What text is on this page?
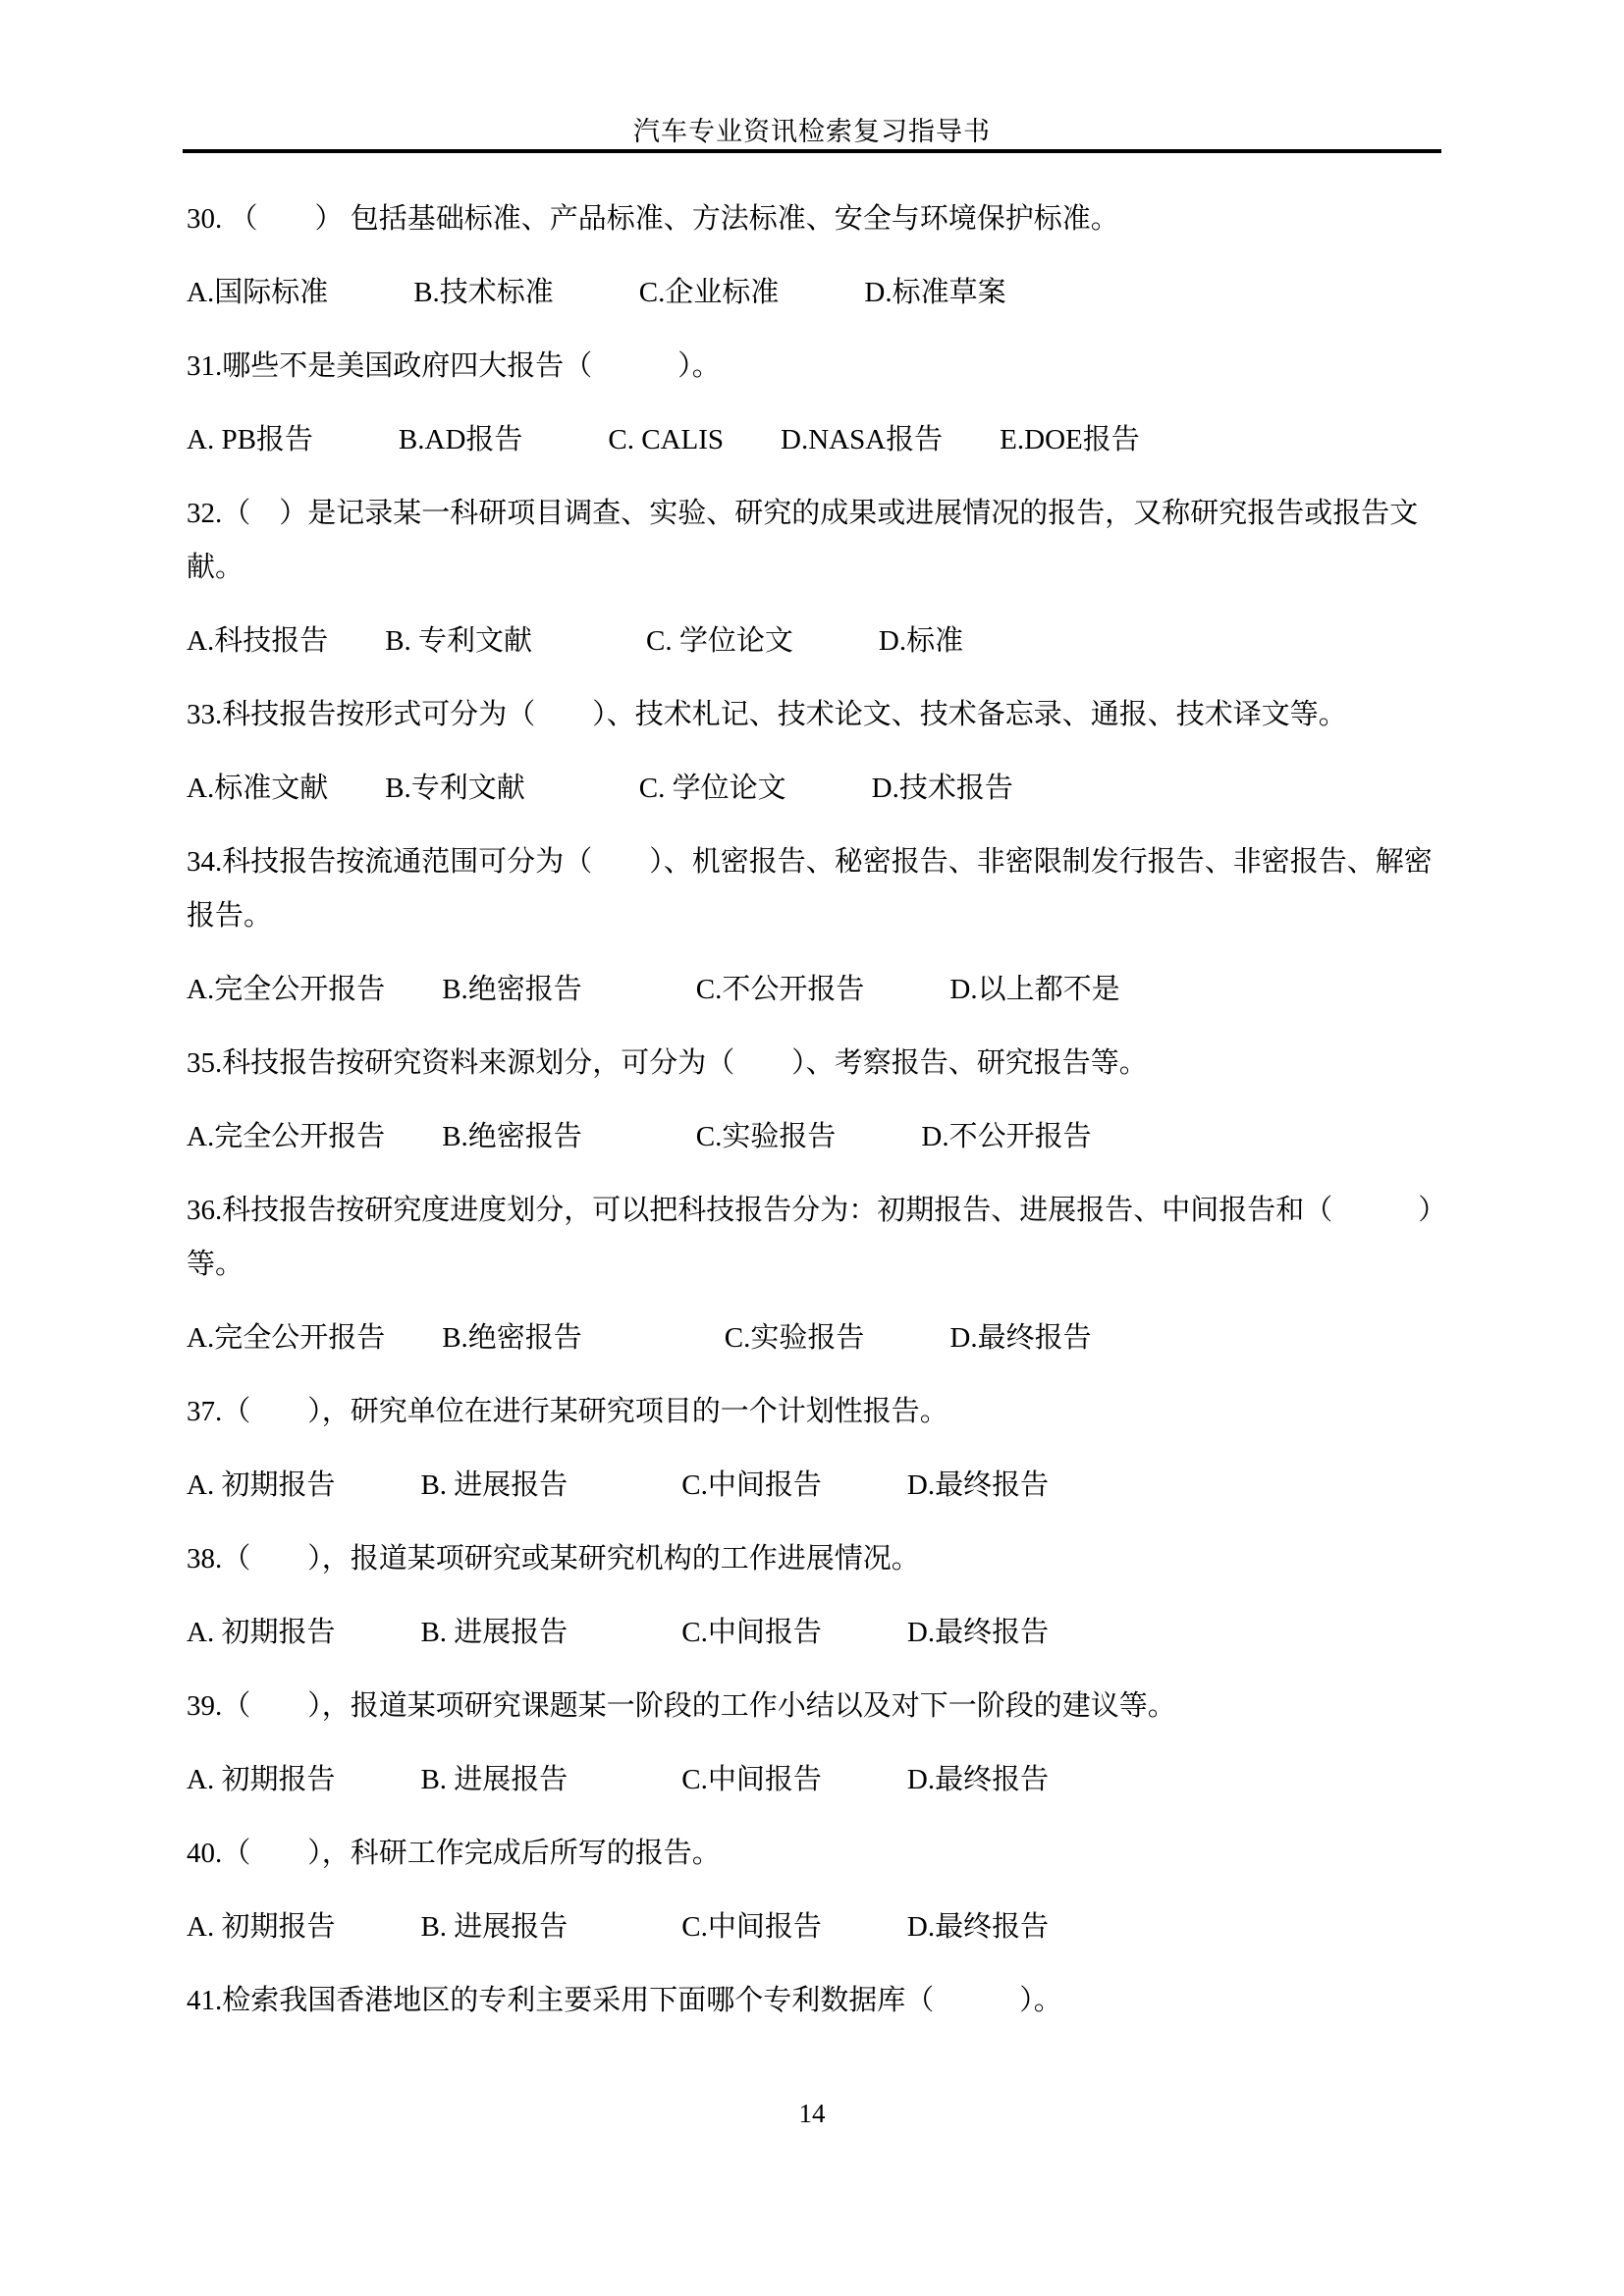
汽车专业资讯检索复习指导书
30. （　　） 包括基础标准、产品标准、方法标准、安全与环境保护标准。
A.国际标准　　　B.技术标准　　　C.企业标准　　　D.标准草案
31.哪些不是美国政府四大报告（　　　）。
A. PB报告　　　B.AD报告　　　C. CALIS　　D.NASA报告　　E.DOE报告
32.（　）是记录某一科研项目调查、实验、研究的成果或进展情况的报告，又称研究报告或报告文
献。
A.科技报告　　B. 专利文献　　　　C. 学位论文　　　D.标准
33.科技报告按形式可分为（　　）、技术札记、技术论文、技术备忘录、通报、技术译文等。
A.标准文献　　B.专利文献　　　　C. 学位论文　　　D.技术报告
34.科技报告按流通范围可分为（　　）、机密报告、秘密报告、非密限制发行报告、非密报告、解密
报告。
A.完全公开报告　　B.绝密报告　　　　C.不公开报告　　　D.以上都不是
35.科技报告按研究资料来源划分，可分为（　　）、考察报告、研究报告等。
A.完全公开报告　　B.绝密报告　　　　C.实验报告　　　D.不公开报告
36.科技报告按研究度进度划分，可以把科技报告分为：初期报告、进展报告、中间报告和（　　　）
等。
A.完全公开报告　　B.绝密报告　　　　　C.实验报告　　　D.最终报告
37.（　　），研究单位在进行某研究项目的一个计划性报告。
A. 初期报告　　　B. 进展报告　　　　C.中间报告　　　D.最终报告
38.（　　），报道某项研究或某研究机构的工作进展情况。
A. 初期报告　　　B. 进展报告　　　　C.中间报告　　　D.最终报告
39.（　　），报道某项研究课题某一阶段的工作小结以及对下一阶段的建议等。
A. 初期报告　　　B. 进展报告　　　　C.中间报告　　　D.最终报告
40.（　　），科研工作完成后所写的报告。
A. 初期报告　　　B. 进展报告　　　　C.中间报告　　　D.最终报告
41.检索我国香港地区的专利主要采用下面哪个专利数据库（　　　）。
14
